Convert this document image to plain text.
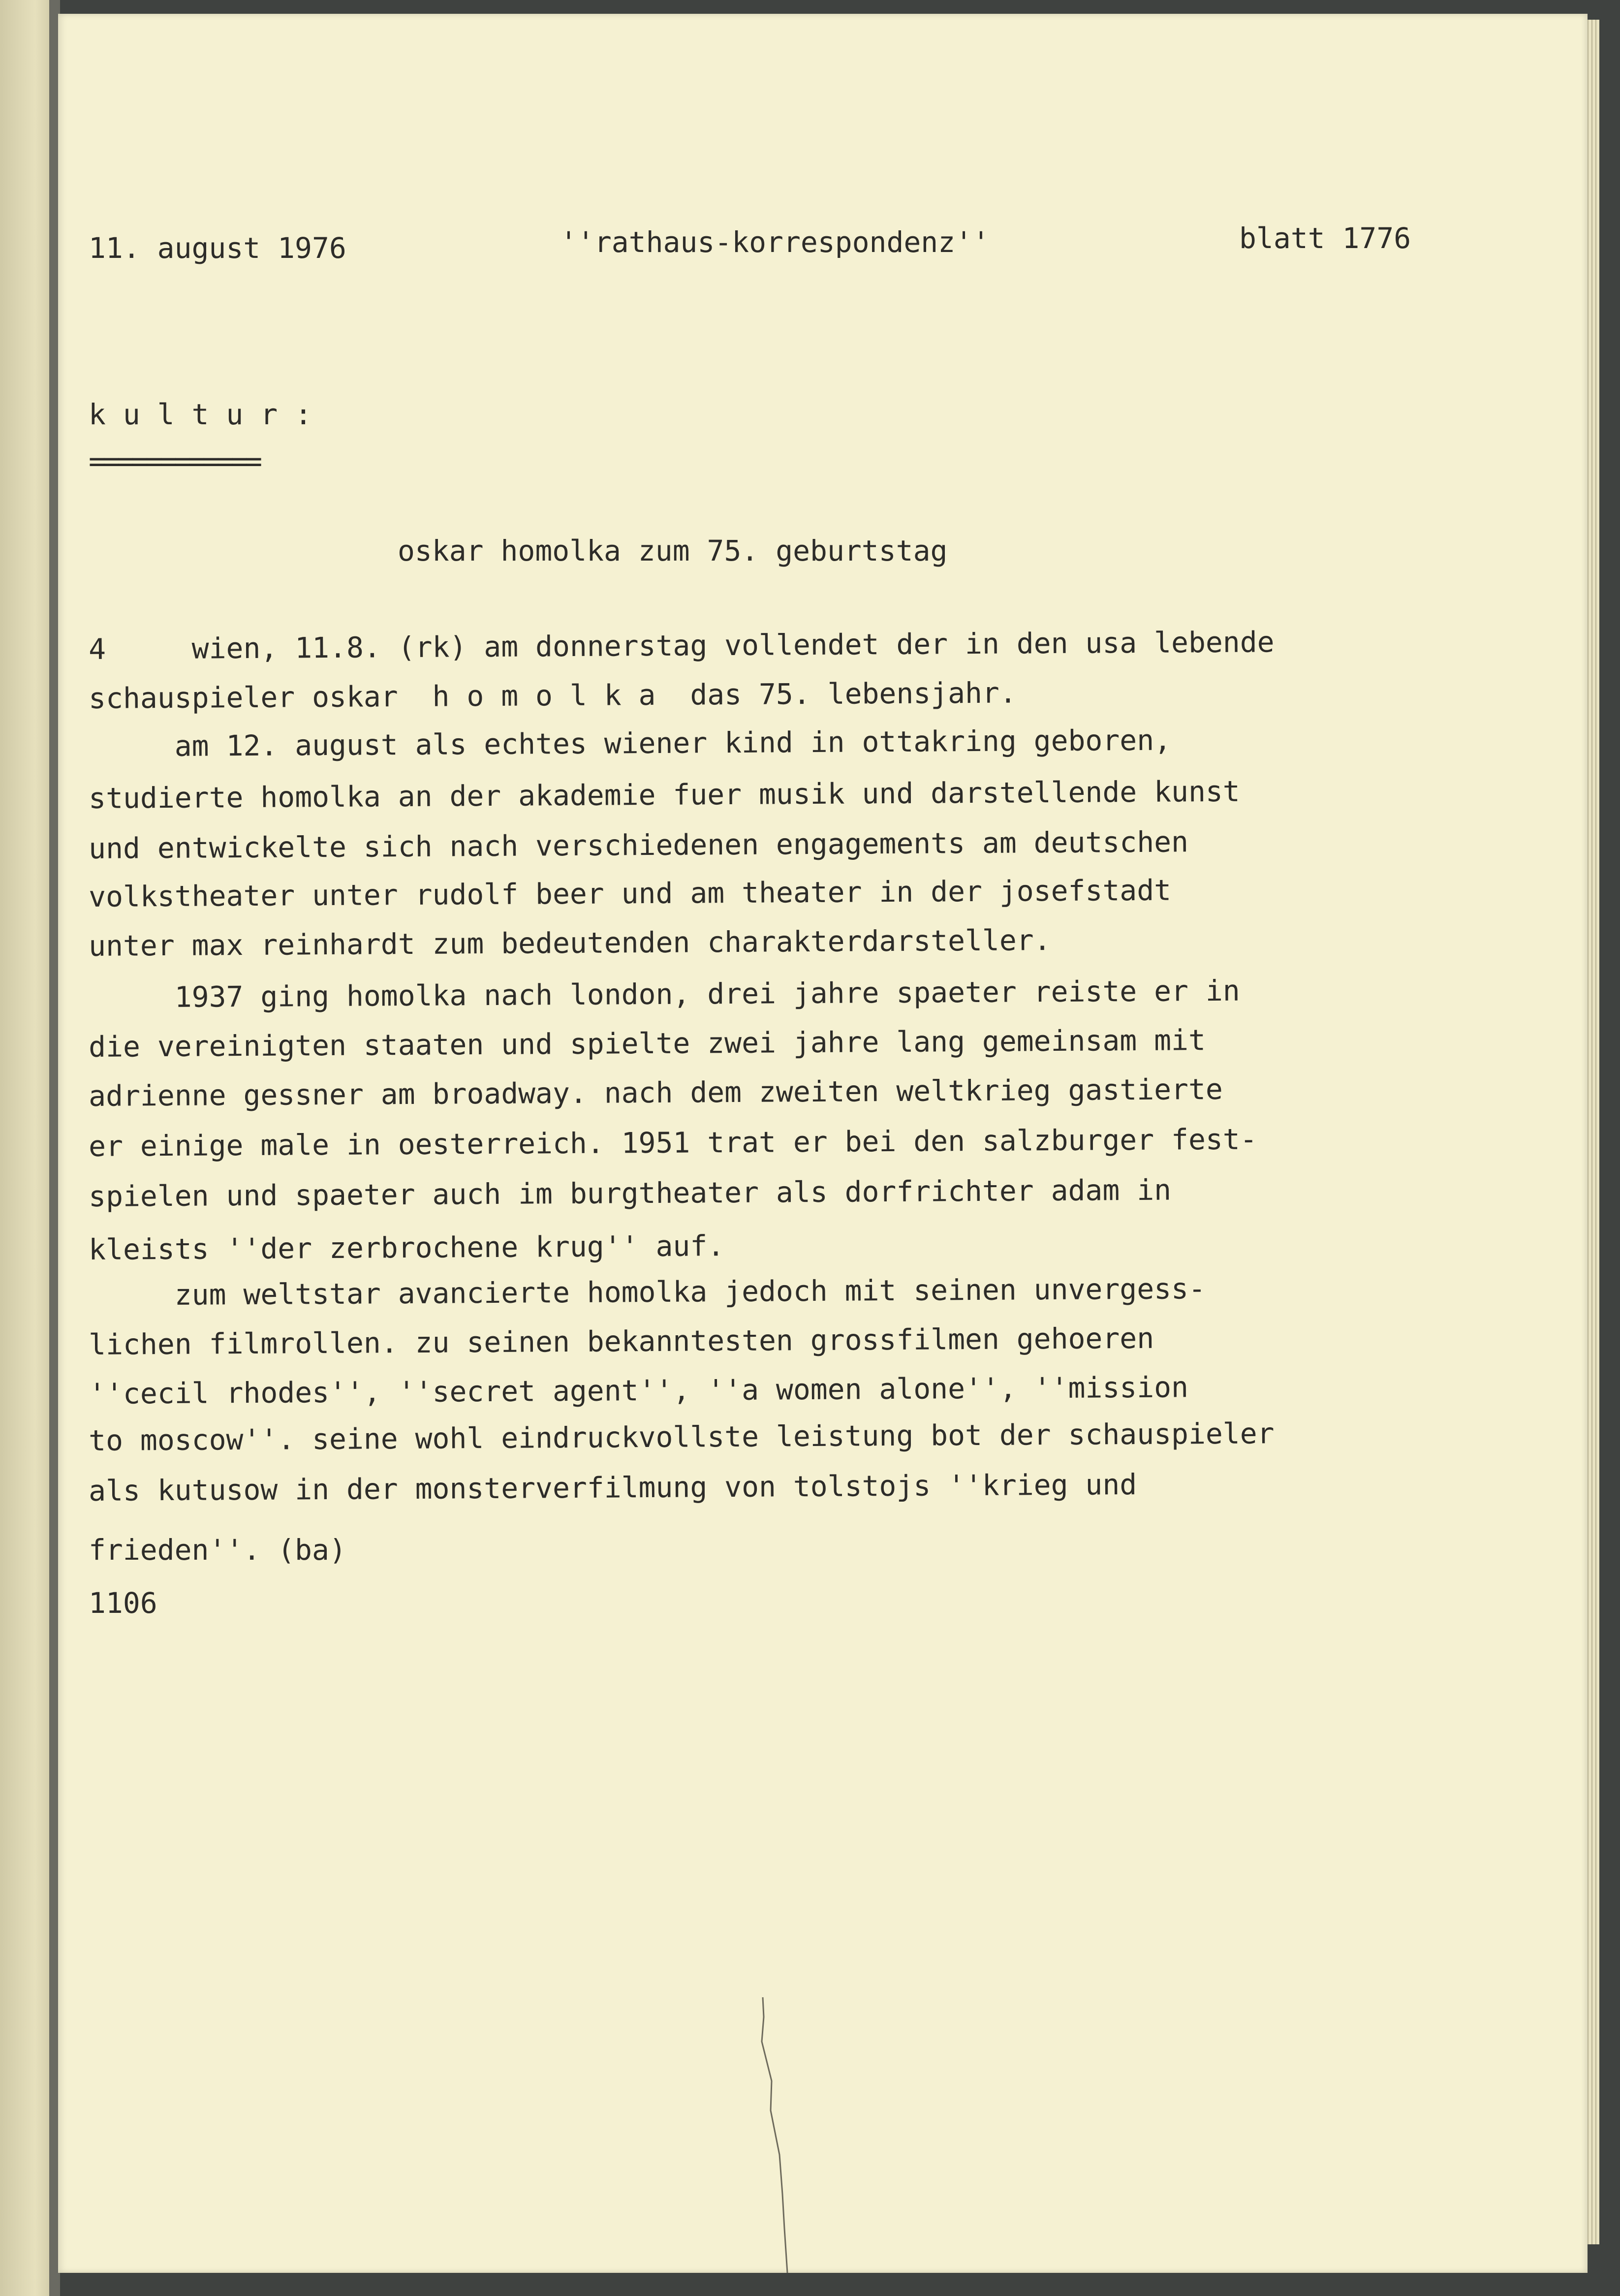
11. august 1976	''rathaus-korrespondenz''	blatt 1776
k u l t u r :
============
oskar homolka zum 75. geburtstag
4     wien, 11.8. (rk) am donnerstag vollendet der in den usa lebende
schauspieler oskar  h o m o l k a  das 75. lebensjahr.
am 12. august als echtes wiener kind in ottakring geboren,
studierte homolka an der akademie fuer musik und darstellende kunst
und entwickelte sich nach verschiedenen engagements am deutschen
volkstheater unter rudolf beer und am theater in der josefstadt
unter max reinhardt zum bedeutenden charakterdarsteller.
1937 ging homolka nach london, drei jahre spaeter reiste er in
die vereinigten staaten und spielte zwei jahre lang gemeinsam mit
adrienne gessner am broadway. nach dem zweiten weltkrieg gastierte
er einige male in oesterreich. 1951 trat er bei den salzburger fest-
spielen und spaeter auch im burgtheater als dorfrichter adam in
kleists ''der zerbrochene krug'' auf.
zum weltstar avancierte homolka jedoch mit seinen unvergess-
lichen filmrollen. zu seinen bekanntesten grossfilmen gehoeren
''cecil rhodes'', ''secret agent'', ''a women alone'', ''mission
to moscow''. seine wohl eindruckvollste leistung bot der schauspieler
als kutusow in der monsterverfilmung von tolstojs ''krieg und
frieden''. (ba)
1106
